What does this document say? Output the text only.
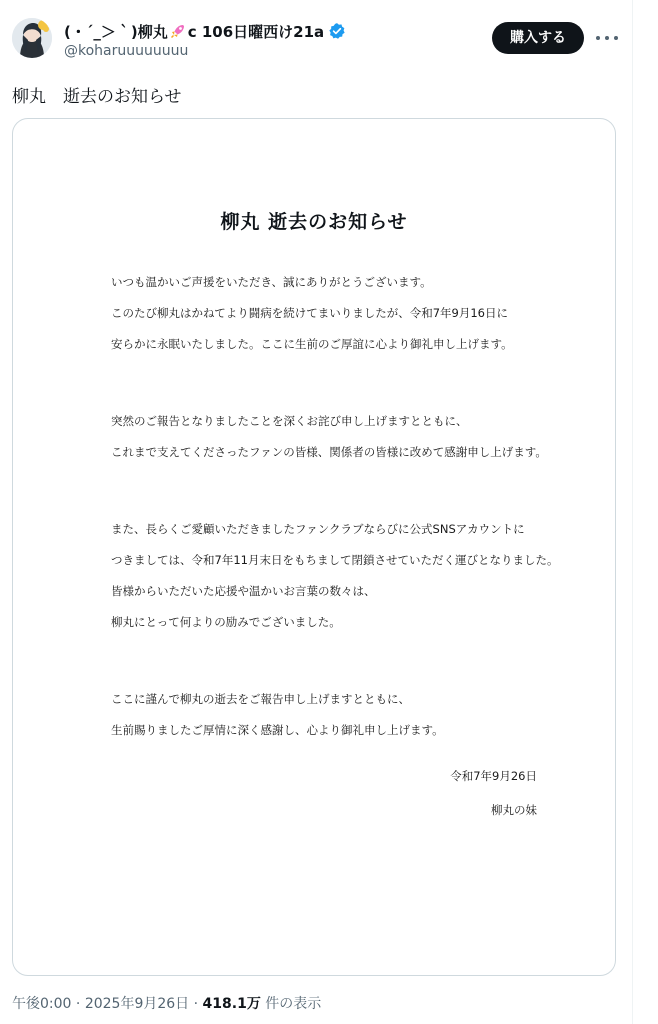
(・´_＞｀)柳丸 c 106日曜西け21a
@koharuuuuuuuu
購入する
柳丸　逝去のお知らせ
柳丸 逝去のお知らせ
いつも温かいご声援をいただき、誠にありがとうございます。
このたび柳丸はかねてより闘病を続けてまいりましたが、令和7年9月16日に
安らかに永眠いたしました。ここに生前のご厚誼に心より御礼申し上げます。
突然のご報告となりましたことを深くお詫び申し上げますとともに、
これまで支えてくださったファンの皆様、関係者の皆様に改めて感謝申し上げます。
また、長らくご愛顧いただきましたファンクラブならびに公式SNSアカウントに
つきましては、令和7年11月末日をもちまして閉鎖させていただく運びとなりました。
皆様からいただいた応援や温かいお言葉の数々は、
柳丸にとって何よりの励みでございました。
ここに謹んで柳丸の逝去をご報告申し上げますとともに、
生前賜りましたご厚情に深く感謝し、心より御礼申し上げます。
令和7年9月26日
柳丸の妹
午後0:00 · 2025年9月26日 · 418.1万 件の表示
